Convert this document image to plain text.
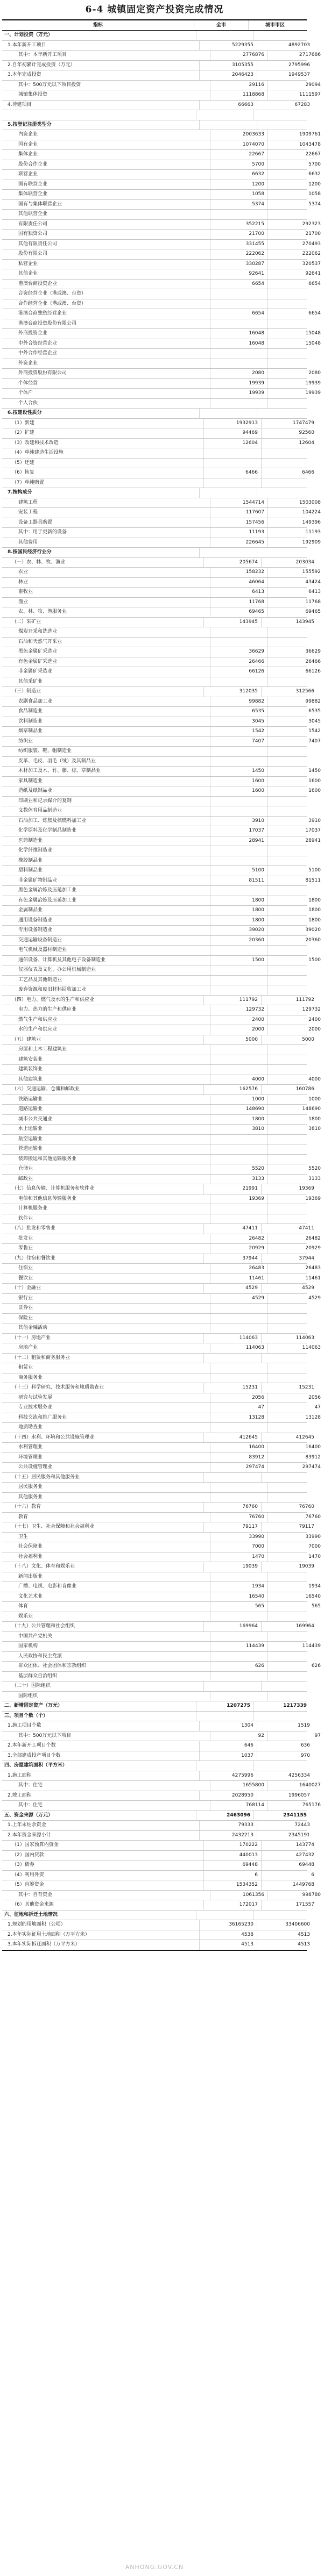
6-4 城镇固定资产投资完成情况
指标	全市	城市市区
一、计划投资（万元）
1.本年新开工项目	5229355	4892703
其中：本年新开工项目	2776876	2717686
2.自年初累计完成投资（万元）	3105355	2795996
3.本年完成投资	2046423	1949537
其中：500万元以下项目投资	29116	29094
城镇集体投资	1118868	1111597
4.待建项目	66663	67283
5.按登记注册类型分
内资企业	2003633	1909761
国有企业	1074070	1043478
集体企业	22667	22667
股份合作企业	5700	5700
联营企业	6632	6632
国有联营企业	1200	1200
集体联营企业	1058	1058
国有与集体联营企业	5374	5374
其他联营企业
有限责任公司	352215	292323
国有独资公司	21700	21700
其他有限责任公司	331455	270493
股份有限公司	222062	222062
私营企业	330287	320537
其他企业	92641	92641
港澳台商投资企业	6654	6654
合资经营企业（港或澳、台资）
合作经营企业（港或澳、台资）
港澳台商独资经营企业	6654	6654
港澳台商投资股份有限公司
外商投资企业	16048	15048
中外合资经营企业	16048	15048
中外合作经营企业
外资企业
外商投资股份有限公司	2080	2080
个体经营	19939	19939
个体户	19939	19939
个人合伙
6.按建设性质分
（1）新建	1932913	1747479
（2）扩建	94469	92560
（3）改建和技术改造	12604	12604
（4）单纯建造生活设施
（5）迁建
（6）恢复	6466	6466
（7）单纯购置
7.按构成分
建筑工程	1544714	1503008
安装工程	117607	104224
设备工器具购置	157456	149396
其中：用于更新的设备	11193	11193
其他费用	226645	192909
8.按国民经济行业分
（一）农、林、牧、渔业	205674	203034
农业	158232	155592
林业	46064	43424
畜牧业	6413	6413
渔业	11768	11768
农、林、牧、渔服务业	69465	69465
（二）采矿业	143945	143945
煤炭开采和洗选业
石油和天然气开采业
黑色金属矿采选业	36629	36629
有色金属矿采选业	26466	26466
非金属矿采选业	66126	66126
其他采矿业
（三）制造业	312035	312566
农副食品加工业	99882	99882
食品制造业	6535	6535
饮料制造业	3045	3045
烟草制品业	1542	1542
纺织业	7407	7407
纺织服装、鞋、帽制造业
皮革、毛皮、羽毛（绒）及其制品业
木材加工及木、竹、藤、棕、草制品业	1450	1450
家具制造业	1600	1600
造纸及纸制品业	1600	1600
印刷业和记录媒介的复制
文教体育用品制造业
石油加工、炼焦及核燃料加工业	3910	3910
化学原料及化学制品制造业	17037	17037
医药制造业	28941	28941
化学纤维制造业
橡胶制品业
塑料制品业	5100	5100
非金属矿物制品业	81511	81511
黑色金属冶炼及压延加工业
有色金属冶炼及压延加工业	1800	1800
金属制品业	1800	1800
通用设备制造业	1800	1800
专用设备制造业	39020	39020
交通运输设备制造业	20360	20360
电气机械及器材制造业
通信设备、计算机及其他电子设备制造业	1500	1500
仪器仪表及文化、办公用机械制造业
工艺品及其他制造业
废弃资源和废旧材料回收加工业
（四）电力、燃气及水的生产和供应业	111792	111792
电力、热力的生产和供应业	129732	129732
燃气生产和供应业	2400	2400
水的生产和供应业	2000	2000
（五）建筑业	5000	5000
房屋和土木工程建筑业
建筑安装业
建筑装饰业
其他建筑业	4000	4000
（六）交通运输、仓储和邮政业	162576	160786
铁路运输业	1000	1000
道路运输业	148690	148690
城市公共交通业	1800	1800
水上运输业	3810	3810
航空运输业
管道运输业
装卸搬运和其他运输服务业
仓储业	5520	5520
邮政业	3133	3133
（七）信息传输、计算机服务和软件业	21991	19369
电信和其他信息传输服务业	19369	19369
计算机服务业
软件业
（八）批发和零售业	47411	47411
批发业	26482	26482
零售业	20929	20929
（九）住宿和餐饮业	37944	37944
住宿业	26483	26483
餐饮业	11461	11461
（十）金融业	4529	4529
银行业	4529	4529
证券业
保险业
其他金融活动
（十一）房地产业	114063	114063
房地产业	114063	114063
（十二）租赁和商务服务业
租赁业
商务服务业
（十三）科学研究、技术服务和地质勘查业	15231	15231
研究与试验发展	2056	2056
专业技术服务业	47	47
科技交流和推广服务业	13128	13128
地质勘查业
（十四）水利、环境和公共设施管理业	412645	412645
水利管理业	16400	16400
环境管理业	83912	83912
公共设施管理业	297474	297474
（十五）居民服务和其他服务业
居民服务业
其他服务业
（十六）教育	76760	76760
教育	76760	76760
（十七）卫生、社会保障和社会福利业	79117	79117
卫生	33990	33990
社会保障业	7000	7000
社会福利业	1470	1470
（十八）文化、体育和娱乐业	19039	19039
新闻出版业
广播、电视、电影和音像业	1934	1934
文化艺术业	16540	16540
体育	565	565
娱乐业
（十九）公共管理和社会组织	169964	169964
中国共产党机关
国家机构	114439	114439
人民政协和民主党派
群众团体、社会团体和宗教组织	626	626
基层群众自治组织
（二十）国际组织
国际组织
二、新增固定资产（万元）	1207275	1217339
三、项目个数（个）
1.施工项目个数	1304	1519
其中：500万元以下项目	92	97
2.本年新开工项目个数	646	636
3.全部建成投产项目个数	1037	970
四、房屋建筑面积（平方米）
1.施工面积	4275996	4256334
其中：住宅	1655800	1640027
2.竣工面积	2028950	1996057
其中：住宅	768114	765176
五、资金来源（万元）	2463096	2341155
1.上年末结余资金	79333	72443
2.本年资金来源小计	2432213	2345191
（1）国家预算内资金	170222	143774
（2）国内贷款	440013	427432
（3）债券	69448	69448
（4）利用外资	6	6
（5）自筹资金	1534352	1449768
其中：自有资金	1061356	998780
（6）其他资金来源	172017	171557
六、征地和拆迁土地情况
1.规划的用地面积（公顷）	36165230	33406600
2.本年实际征用土地面积（万平方米）	4538	4513
3.本年实际拆迁面积（万平方米）	4513	4513
ANHONG.GOV.CN
